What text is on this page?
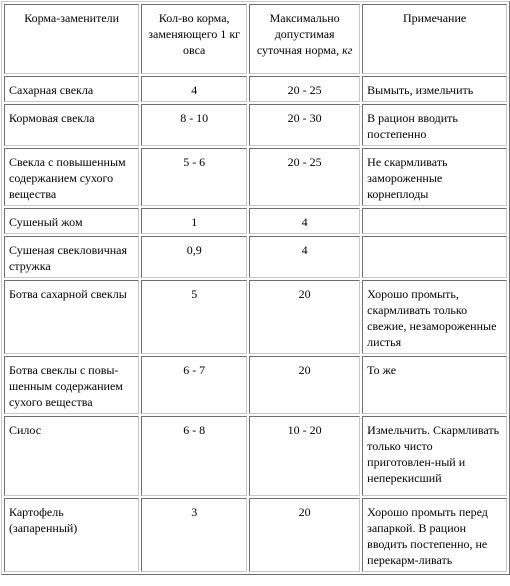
Корма-заменители	Кол-во корма, заменяющего 1 кг овса	Максимально допустимая суточная норма, кг	Примечание
Сахарная свекла	4	20 - 25	Вымыть, измельчить
Кормовая свекла	8 - 10	20 - 30	В рацион вводить постепенно
Свекла с повышенным содержанием сухого вещества	5 - 6	20 - 25	Не скармливать замороженные корнеплоды
Сушеный жом	1	4	
Сушеная свекловичная стружка	0,9	4	
Ботва сахарной свеклы	5	20	Хорошо промыть, скармливать только свежие, незамороженные листья
Ботва свеклы с повы-шенным содержанием сухого вещества	6 - 7	20	То же
Силос	6 - 8	10 - 20	Измельчить. Скармливать только чисто приготовлен-ный и неперекисший
Картофель (запаренный)	3	20	Хорошо промыть перед запаркой. В рацион вводить постепенно, не перекарм-ливать
